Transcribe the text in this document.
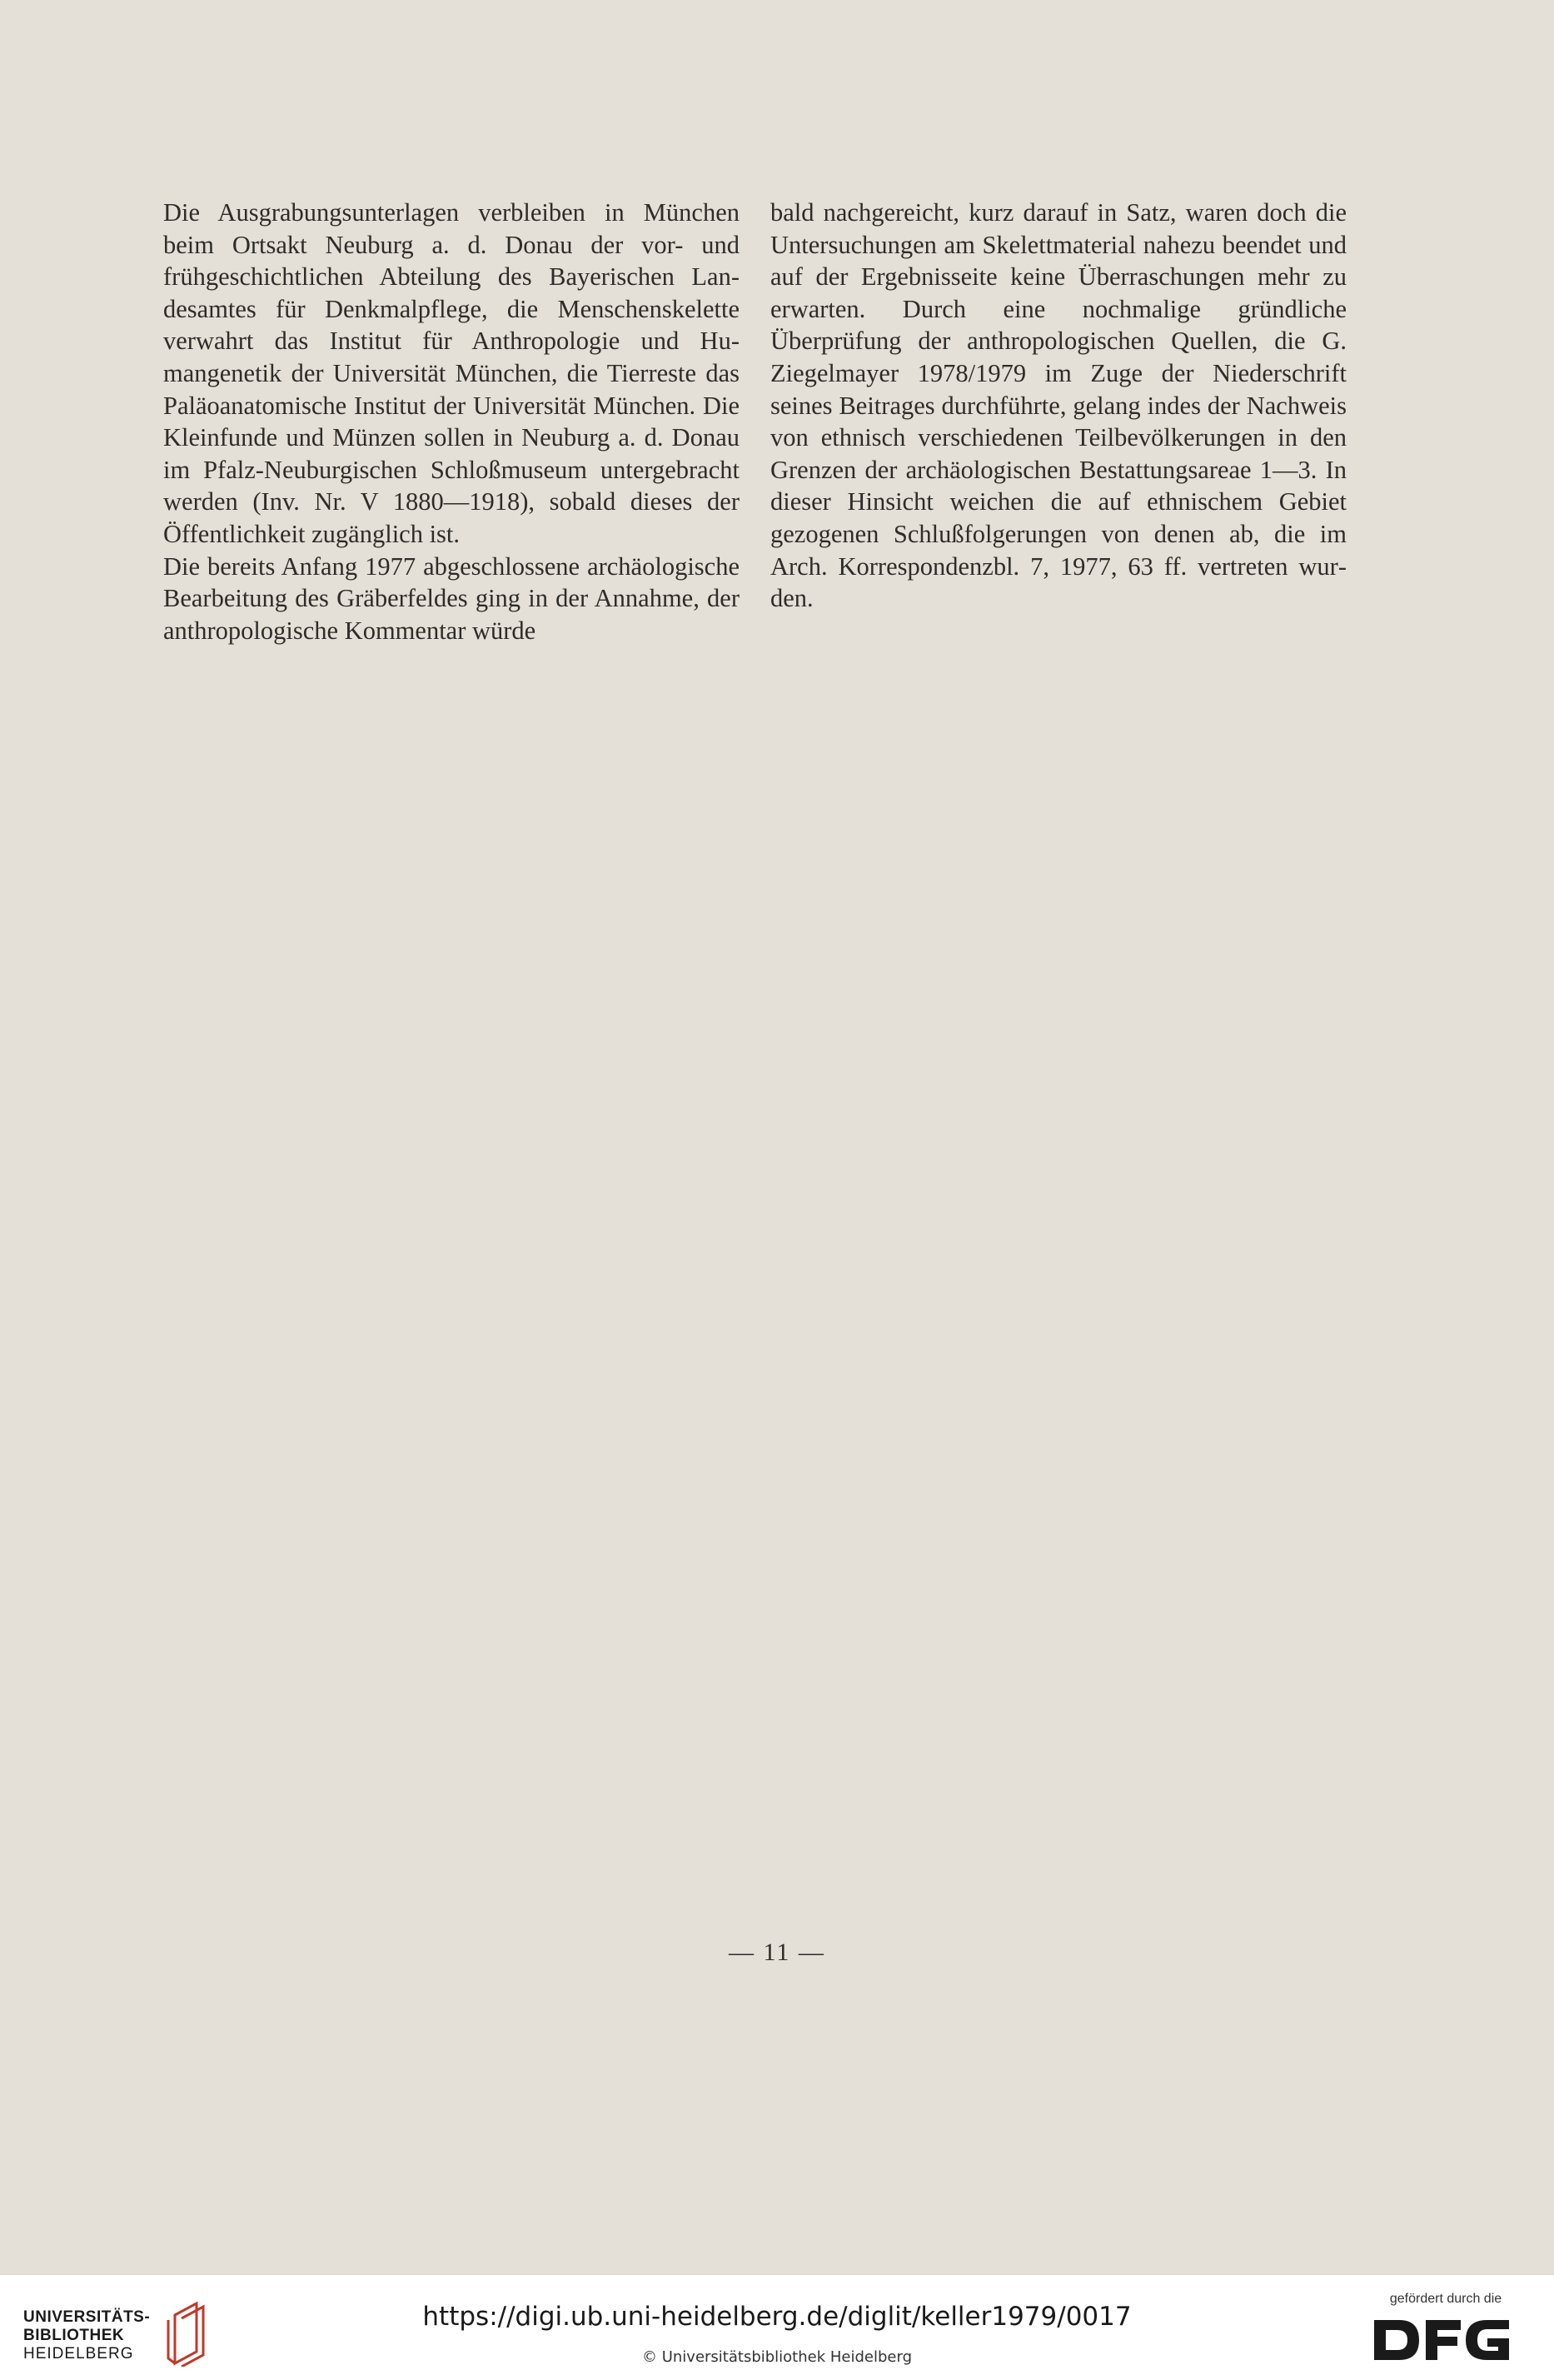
Die Ausgrabungsunterlagen verbleiben in München beim Ortsakt Neuburg a. d. Donau der vor- und frühgeschichtlichen Abteilung des Bayerischen Landesamtes für Denkmalpflege, die Menschenskelette verwahrt das Institut für Anthropologie und Humangenetik der Universität München, die Tierreste das Paläoanatomische Institut der Universität München. Die Kleinfunde und Münzen sollen in Neuburg a. d. Donau im Pfalz-Neuburgischen Schloßmuseum untergebracht werden (Inv. Nr. V 1880—1918), sobald dieses der Öffentlichkeit zugänglich ist.

Die bereits Anfang 1977 abgeschlossene archäologische Bearbeitung des Gräberfeldes ging in der Annahme, der anthropologische Kommentar würde

bald nachgereicht, kurz darauf in Satz, waren doch die Untersuchungen am Skelettmaterial nahezu beendet und auf der Ergebnisseite keine Überraschungen mehr zu erwarten. Durch eine nochmalige gründliche Überprüfung der anthropologischen Quellen, die G. Ziegelmayer 1978/1979 im Zuge der Niederschrift seines Beitrages durchführte, gelang indes der Nachweis von ethnisch verschiedenen Teilbevölkerungen in den Grenzen der archäologischen Bestattungsareae 1—3. In dieser Hinsicht weichen die auf ethnischem Gebiet gezogenen Schlußfolgerungen von denen ab, die im Arch. Korrespondenzbl. 7, 1977, 63 ff. vertreten wurden.

— 11 —
UNIVERSITÄTS-
BIBLIOTHEK
HEIDELBERG
https://digi.ub.uni-heidelberg.de/diglit/keller1979/0017
© Universitätsbibliothek Heidelberg
gefördert durch die
